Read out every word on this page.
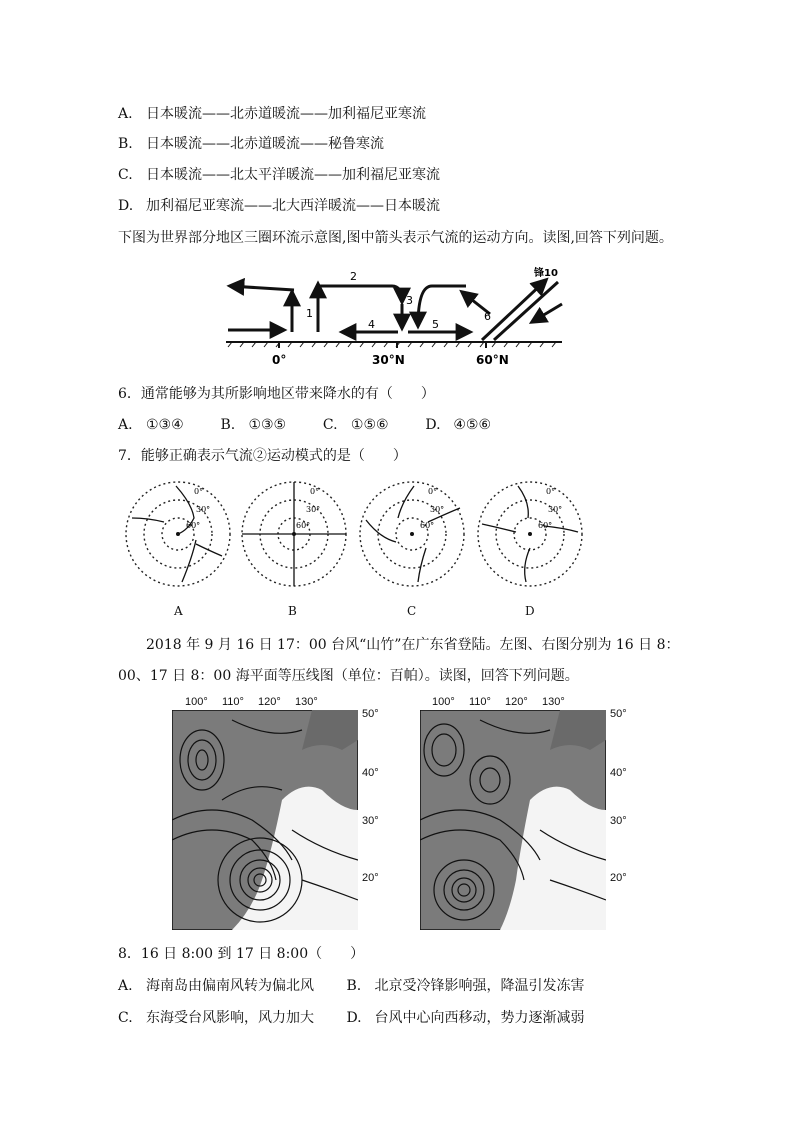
A. 日本暖流——北赤道暖流——加利福尼亚寒流
B. 日本暖流——北赤道暖流——秘鲁寒流
C. 日本暖流——北太平洋暖流——加利福尼亚寒流
D. 加利福尼亚寒流——北大西洋暖流——日本暖流
下图为世界部分地区三圈环流示意图,图中箭头表示气流的运动方向。读图,回答下列问题。
1
2
3
4	5
6
锋10
0°	30°N	60°N
6．通常能够为其所影响地区带来降水的有（　　）
A. ①③④	B. ①③⑤	C. ①⑤⑥	D. ④⑤⑥
7．能够正确表示气流②运动模式的是（　　）
0°
30°
60°
0°
30°
60°
0°
30°
60°
0°
30°
60°
A	B	C	D
2018 年 9 月 16 日 17：00 台风“山竹”在广东省登陆。左图、右图分别为 16 日 8：
00、17 日 8：00 海平面等压线图（单位：百帕）。读图，回答下列问题。
100° 110° 120° 130°
50°
40°
30°
20°
100° 110° 120° 130°
50°
40°
30°
20°
8．16 日 8:00 到 17 日 8:00（　　）
A. 海南岛由偏南风转为偏北风 B. 北京受冷锋影响强，降温引发冻害
C. 东海受台风影响，风力加大 D. 台风中心向西移动，势力逐渐减弱
